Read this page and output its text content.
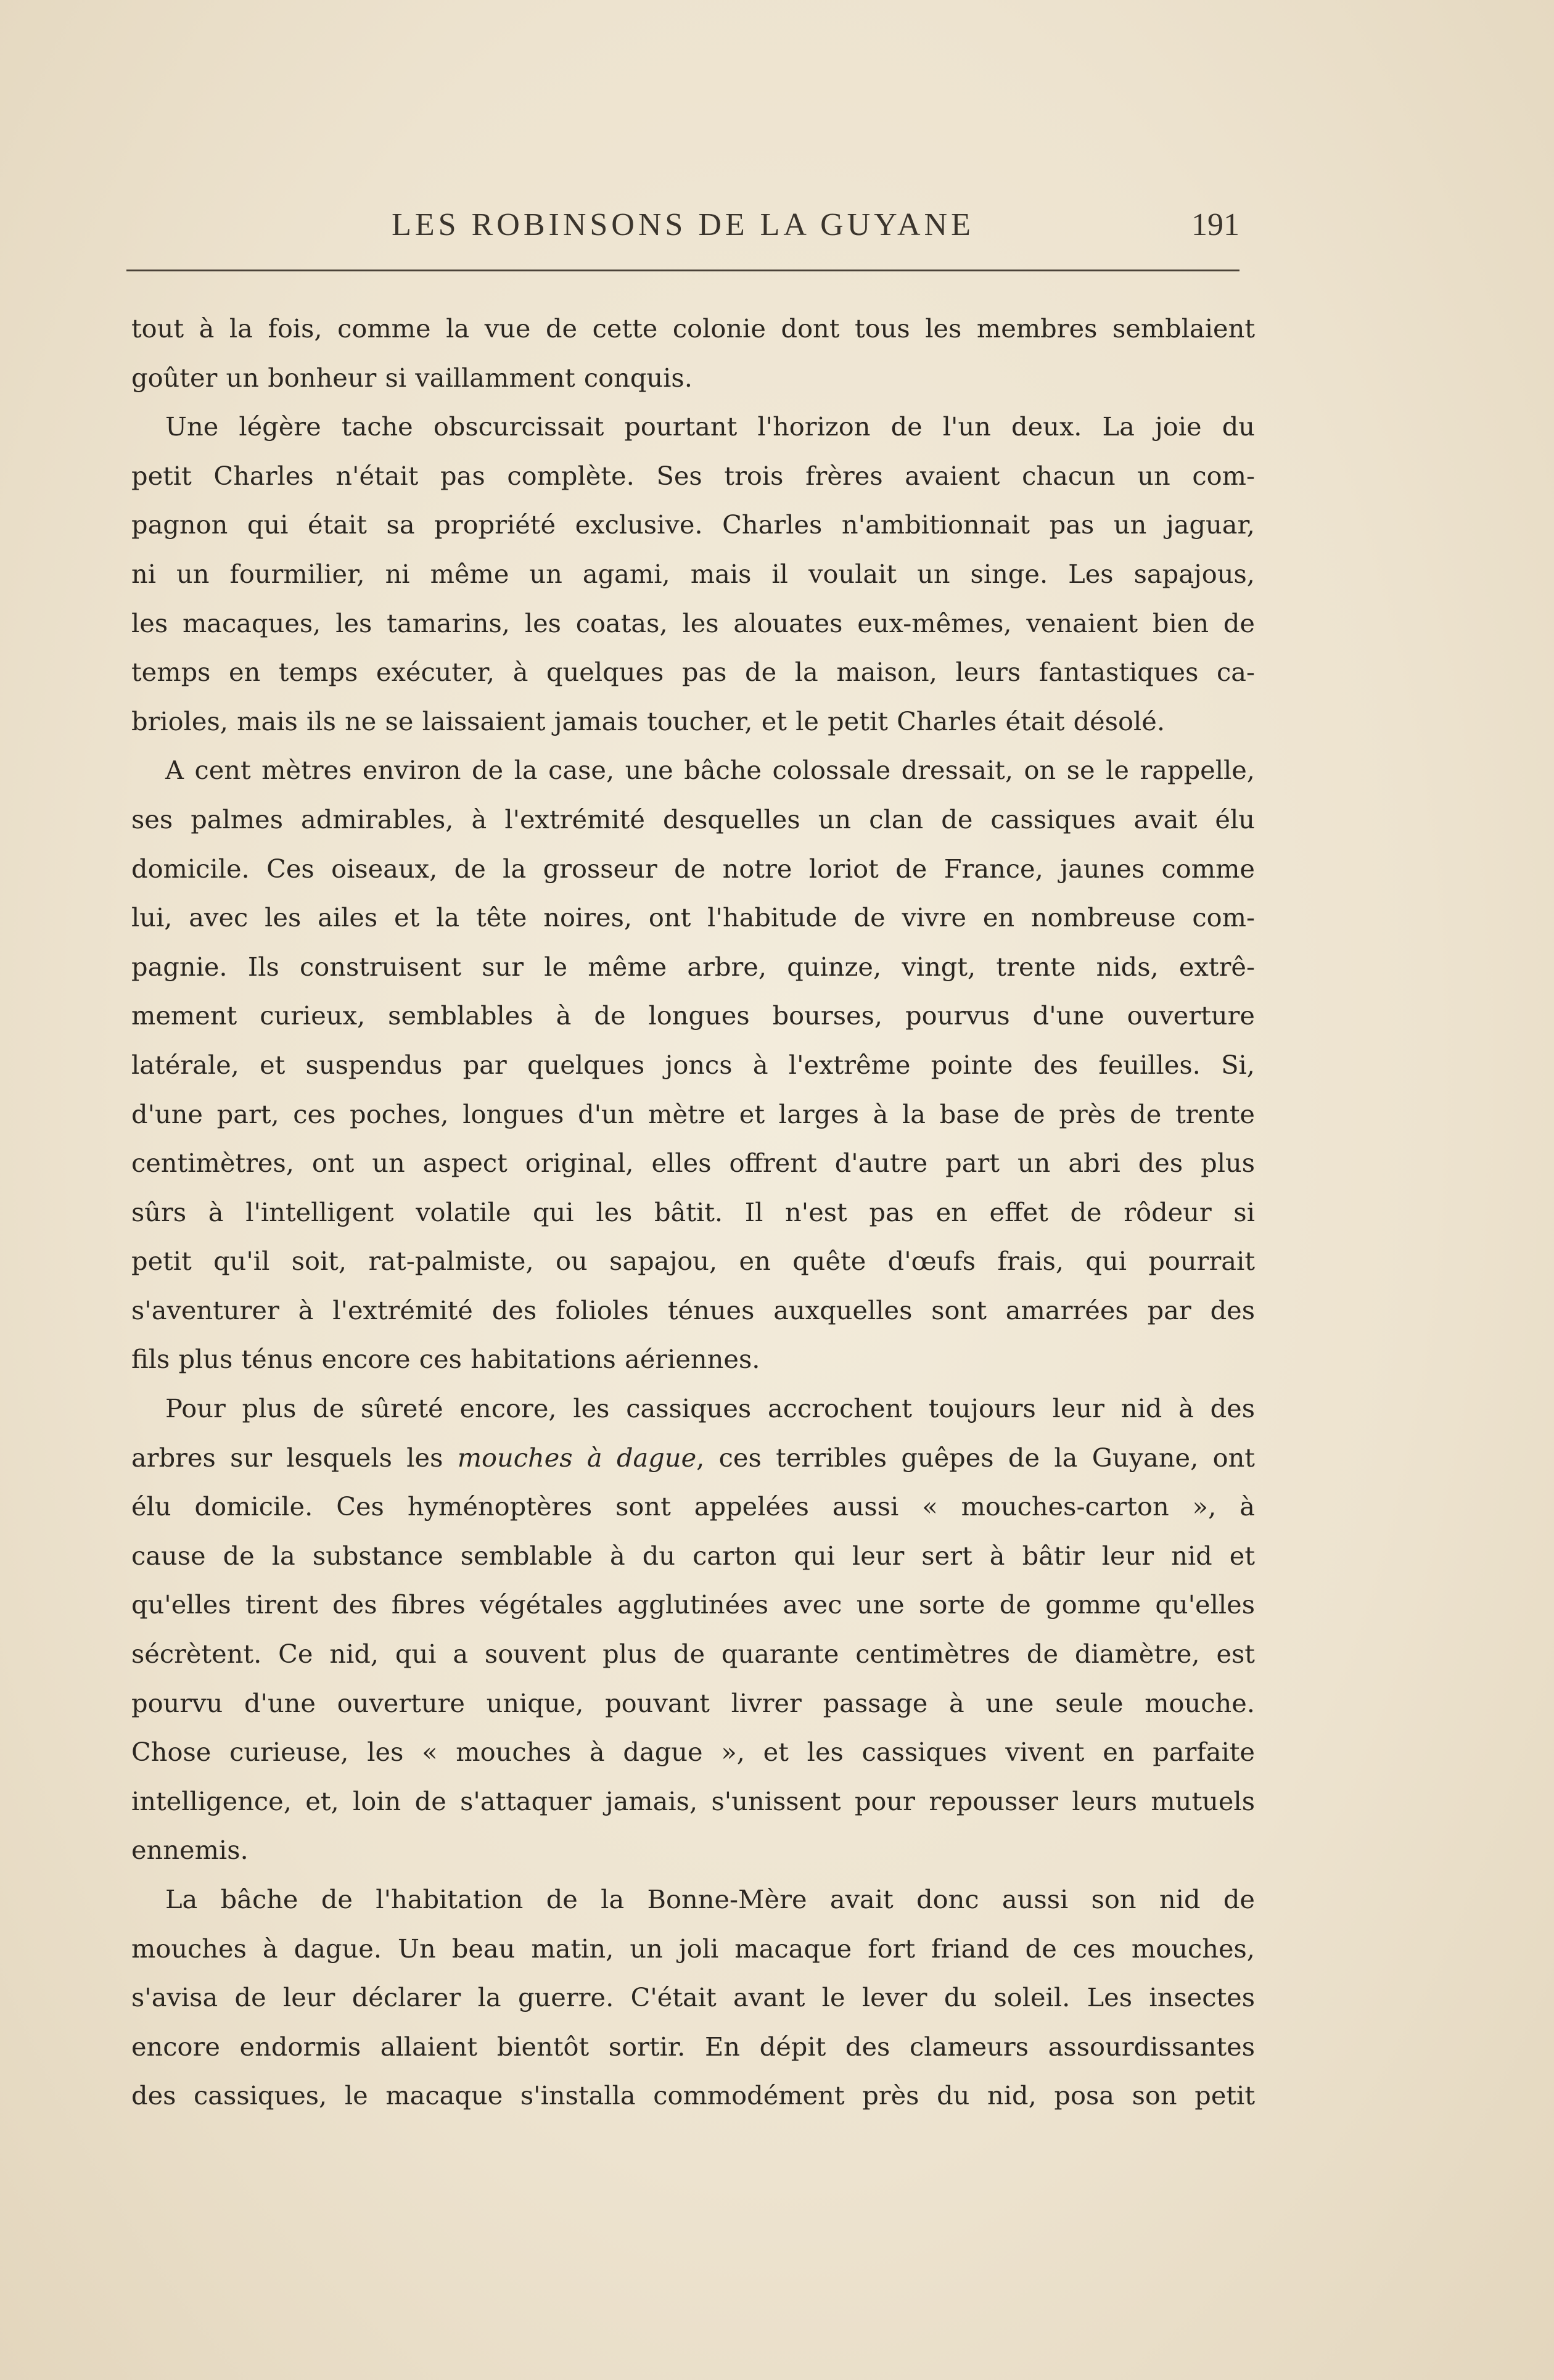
LES ROBINSONS DE LA GUYANE	191
tout à la fois, comme la vue de cette colonie dont tous les membres semblaient
goûter un bonheur si vaillamment conquis.
Une légère tache obscurcissait pourtant l'horizon de l'un deux. La joie du
petit Charles n'était pas complète. Ses trois frères avaient chacun un com-
pagnon qui était sa propriété exclusive. Charles n'ambitionnait pas un jaguar,
ni un fourmilier, ni même un agami, mais il voulait un singe. Les sapajous,
les macaques, les tamarins, les coatas, les alouates eux-mêmes, venaient bien de
temps en temps exécuter, à quelques pas de la maison, leurs fantastiques ca-
brioles, mais ils ne se laissaient jamais toucher, et le petit Charles était désolé.
A cent mètres environ de la case, une bâche colossale dressait, on se le rappelle,
ses palmes admirables, à l'extrémité desquelles un clan de cassiques avait élu
domicile. Ces oiseaux, de la grosseur de notre loriot de France, jaunes comme
lui, avec les ailes et la tête noires, ont l'habitude de vivre en nombreuse com-
pagnie. Ils construisent sur le même arbre, quinze, vingt, trente nids, extrê-
mement curieux, semblables à de longues bourses, pourvus d'une ouverture
latérale, et suspendus par quelques joncs à l'extrême pointe des feuilles. Si,
d'une part, ces poches, longues d'un mètre et larges à la base de près de trente
centimètres, ont un aspect original, elles offrent d'autre part un abri des plus
sûrs à l'intelligent volatile qui les bâtit. Il n'est pas en effet de rôdeur si
petit qu'il soit, rat-palmiste, ou sapajou, en quête d'œufs frais, qui pourrait
s'aventurer à l'extrémité des folioles ténues auxquelles sont amarrées par des
fils plus ténus encore ces habitations aériennes.
Pour plus de sûreté encore, les cassiques accrochent toujours leur nid à des
arbres sur lesquels les mouches à dague, ces terribles guêpes de la Guyane, ont
élu domicile. Ces hyménoptères sont appelées aussi « mouches-carton », à
cause de la substance semblable à du carton qui leur sert à bâtir leur nid et
qu'elles tirent des fibres végétales agglutinées avec une sorte de gomme qu'elles
sécrètent. Ce nid, qui a souvent plus de quarante centimètres de diamètre, est
pourvu d'une ouverture unique, pouvant livrer passage à une seule mouche.
Chose curieuse, les « mouches à dague », et les cassiques vivent en parfaite
intelligence, et, loin de s'attaquer jamais, s'unissent pour repousser leurs mutuels
ennemis.
La bâche de l'habitation de la Bonne-Mère avait donc aussi son nid de
mouches à dague. Un beau matin, un joli macaque fort friand de ces mouches,
s'avisa de leur déclarer la guerre. C'était avant le lever du soleil. Les insectes
encore endormis allaient bientôt sortir. En dépit des clameurs assourdissantes
des cassiques, le macaque s'installa commodément près du nid, posa son petit
